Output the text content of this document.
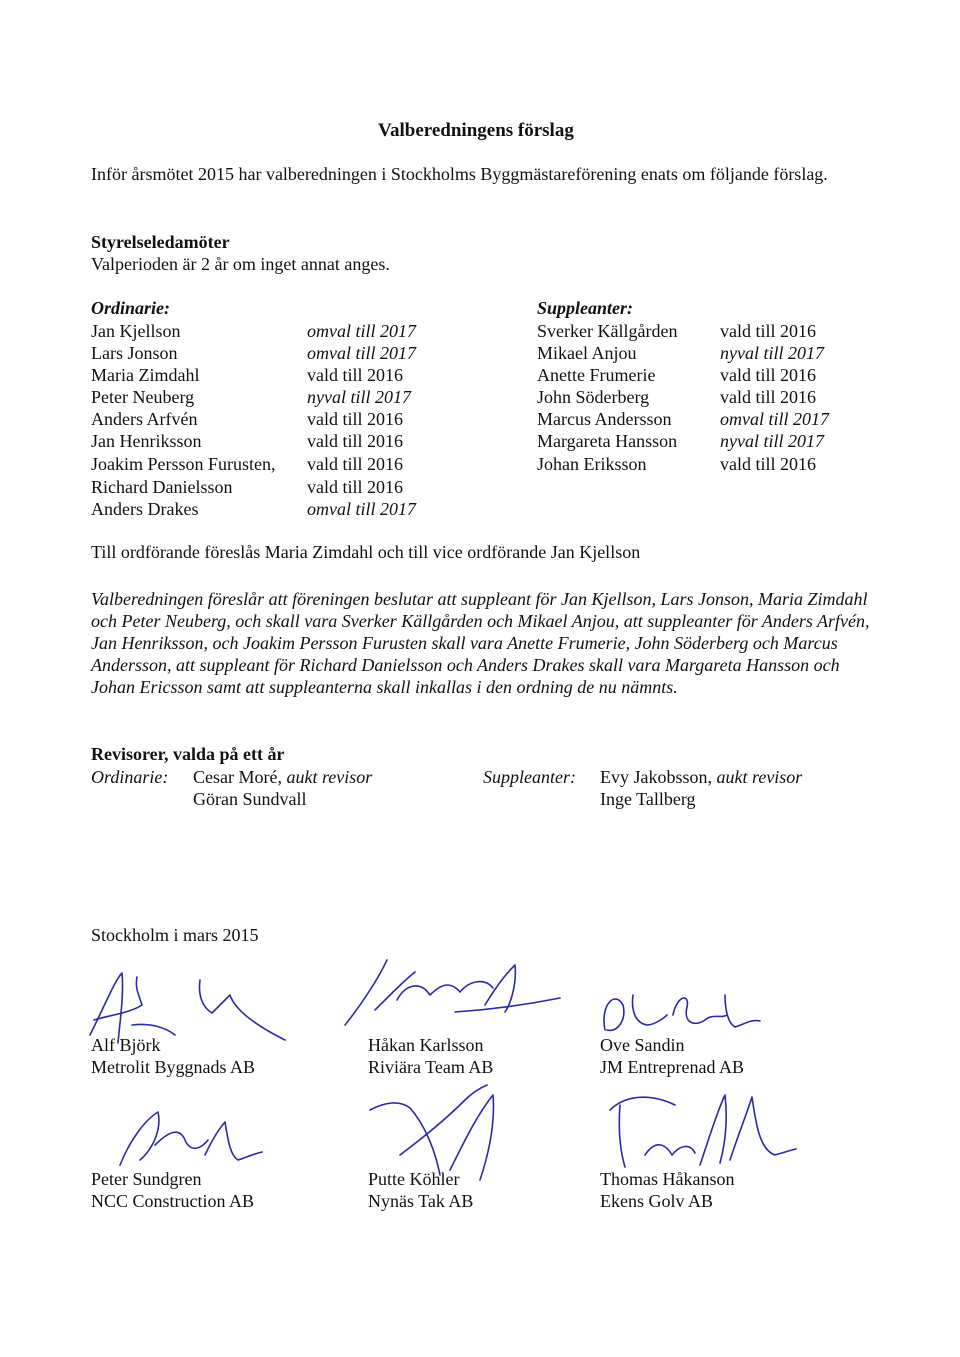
Valberedningens förslag
Inför årsmötet 2015 har valberedningen i Stockholms Byggmästareförening enats om följande förslag.
Styrelseledamöter
Valperioden är 2 år om inget annat anges.
Ordinarie:
Jan Kjellson	omval till 2017
Lars Jonson	omval till 2017
Maria Zimdahl	vald till 2016
Peter Neuberg	nyval till 2017
Anders Arfvén	vald till 2016
Jan Henriksson	vald till 2016
Joakim Persson Furusten, vald till 2016
Richard Danielsson	vald till 2016
Anders Drakes	omval till 2017
Suppleanter:
Sverker Källgården vald till 2016
Mikael Anjou	nyval till 2017
Anette Frumerie	vald till 2016
John Söderberg	vald till 2016
Marcus Andersson	omval till 2017
Margareta Hansson nyval till 2017
Johan Eriksson	vald till 2016
Till ordförande föreslås Maria Zimdahl och till vice ordförande Jan Kjellson
Valberedningen föreslår att föreningen beslutar att suppleant för Jan Kjellson, Lars Jonson, Maria Zimdahl och Peter Neuberg, och skall vara Sverker Källgården och Mikael Anjou, att suppleanter för Anders Arfvén, Jan Henriksson, och Joakim Persson Furusten skall vara Anette Frumerie, John Söderberg och Marcus Andersson, att suppleant för Richard Danielsson och Anders Drakes skall vara Margareta Hansson och Johan Ericsson samt att suppleanterna skall inkallas i den ordning de nu nämnts.
Revisorer, valda på ett år
Ordinarie: Cesar Moré, aukt revisor
Göran Sundvall
Suppleanter: Evy Jakobsson, aukt revisor
Inge Tallberg
Stockholm i mars 2015
Alf Björk
Metrolit Byggnads AB
Håkan Karlsson
Riviära Team AB
Ove Sandin
JM Entreprenad AB
Peter Sundgren
NCC Construction AB
Putte Köhler
Nynäs Tak AB
Thomas Håkanson
Ekens Golv AB
